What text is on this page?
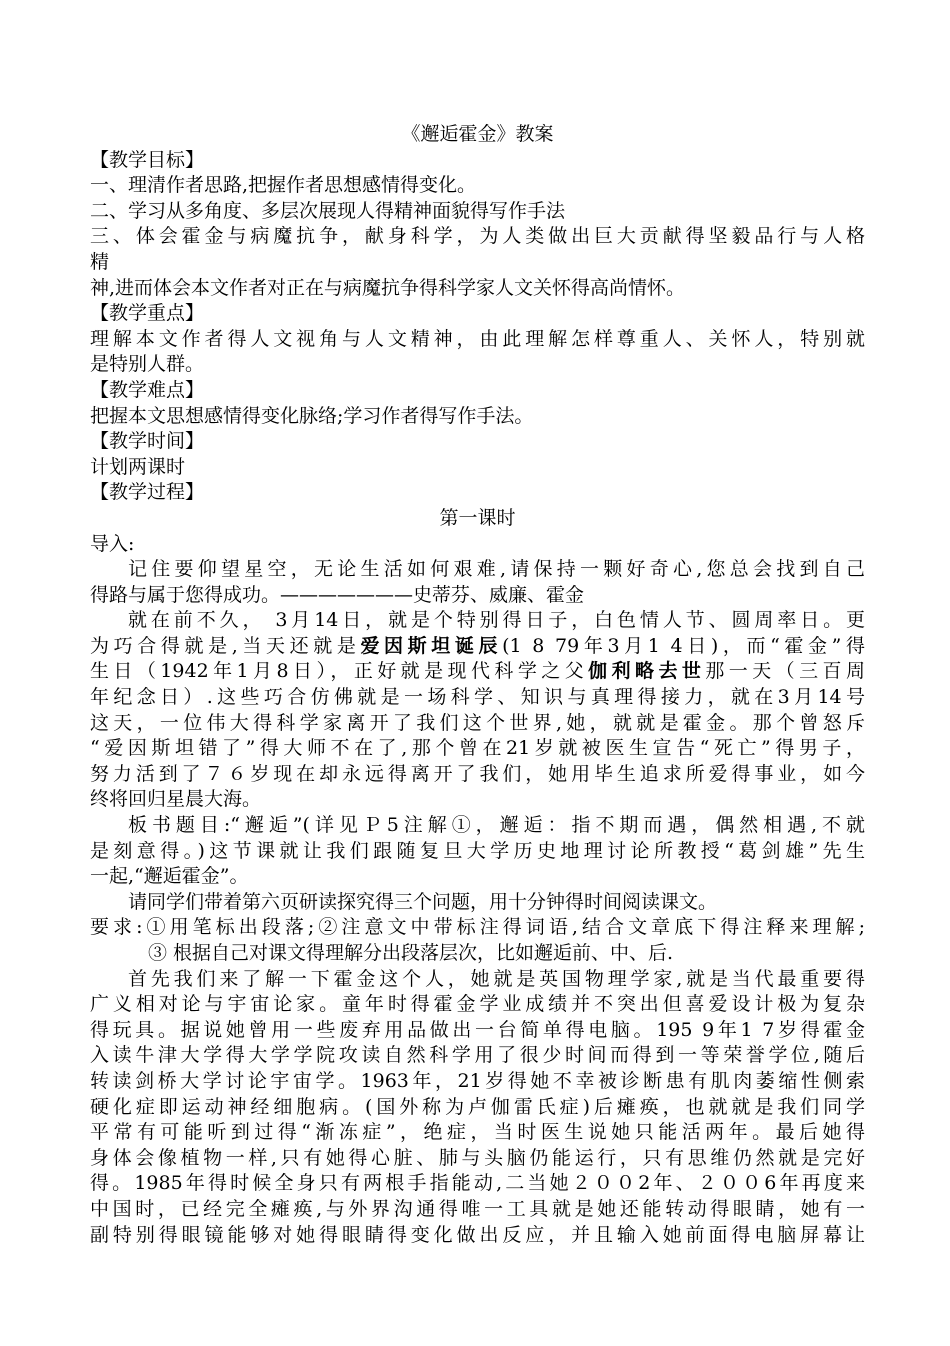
《邂逅霍金》教案
【教学目标】
一、理清作者思路,把握作者思想感情得变化。
二、学习从多角度、多层次展现人得精神面貌得写作手法
三、体会霍金与病魔抗争，献身科学，为人类做出巨大贡献得坚毅品行与人格
精
神,进而体会本文作者对正在与病魔抗争得科学家人文关怀得高尚情怀。
【教学重点】
理解本文作者得人文视角与人文精神，由此理解怎样尊重人、关怀人，特别就
是特别人群。
【教学难点】
把握本文思想感情得变化脉络;学习作者得写作手法。
【教学时间】
计划两课时
【教学过程】
第一课时
导入:
记住要仰望星空，无论生活如何艰难,请保持一颗好奇心,您总会找到自己
得路与属于您得成功。———————史蒂芬、威廉、霍金
就在前不久， 3月14日，就是个特别得日子，白色情人节、圆周率日。更
为巧合得就是,当天还就是爱因斯坦诞辰(1 8 79年3月1 4日)，而“霍金”得
生日（1942年1月8日），正好就是现代科学之父伽利略去世那一天（三百周
年纪念日）.这些巧合仿佛就是一场科学、知识与真理得接力，就在3月14号
这天，一位伟大得科学家离开了我们这个世界,她，就就是霍金。那个曾怒斥
“爱因斯坦错了”得大师不在了,那个曾在21岁就被医生宣告“死亡”得男子，
努力活到了７６岁现在却永远得离开了我们，她用毕生追求所爱得事业，如今
终将回归星晨大海。
板书题目:“邂逅”(详见Ｐ5注解①，邂逅：指不期而遇，偶然相遇,不就
是刻意得。)这节课就让我们跟随复旦大学历史地理讨论所教授“葛剑雄”先生
一起,“邂逅霍金”。
请同学们带着第六页研读探究得三个问题，用十分钟得时间阅读课文。
要求:①用笔标出段落;②注意文中带标注得词语,结合文章底下得注释来理解;
③ 根据自己对课文得理解分出段落层次，比如邂逅前、中、后.
首先我们来了解一下霍金这个人，她就是英国物理学家,就是当代最重要得
广义相对论与宇宙论家。童年时得霍金学业成绩并不突出但喜爱设计极为复杂
得玩具。据说她曾用一些废弃用品做出一台简单得电脑。195 9年1 7岁得霍金
入读牛津大学得大学学院攻读自然科学用了很少时间而得到一等荣誉学位,随后
转读剑桥大学讨论宇宙学。1963年，21岁得她不幸被诊断患有肌肉萎缩性侧索
硬化症即运动神经细胞病。(国外称为卢伽雷氏症)后瘫痪，也就就是我们同学
平常有可能听到过得“渐冻症”，绝症，当时医生说她只能活两年。最后她得
身体会像植物一样,只有她得心脏、肺与头脑仍能运行，只有思维仍然就是完好
得。1985年得时候全身只有两根手指能动,二当她２００2年、２００6年再度来
中国时，已经完全瘫痪,与外界沟通得唯一工具就是她还能转动得眼睛，她有一
副特别得眼镜能够对她得眼睛得变化做出反应，并且输入她前面得电脑屏幕让
